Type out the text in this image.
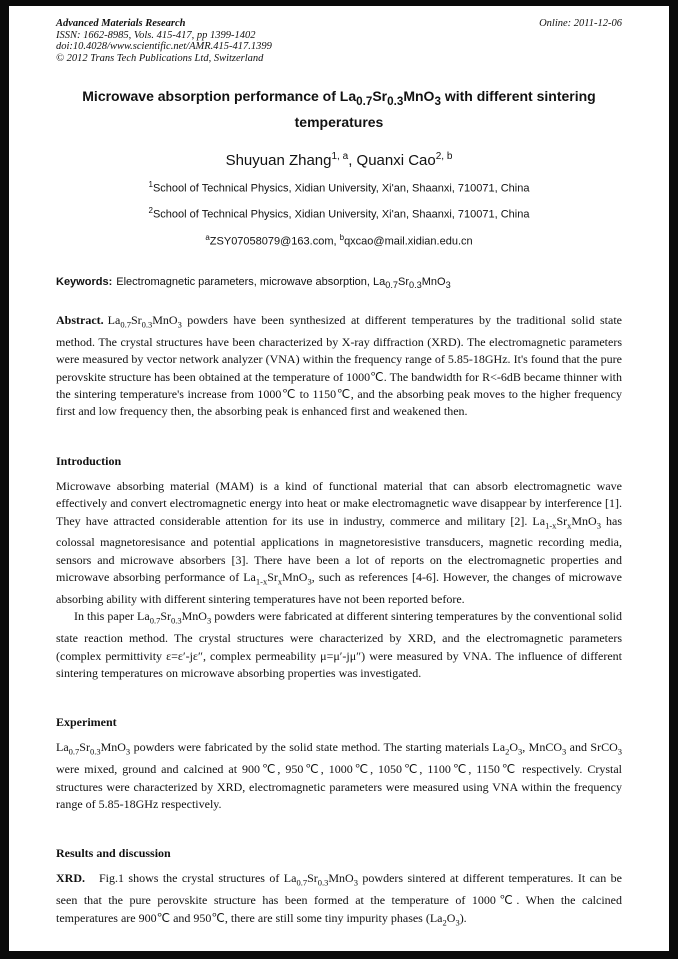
Advanced Materials Research
ISSN: 1662-8985, Vols. 415-417, pp 1399-1402
doi:10.4028/www.scientific.net/AMR.415-417.1399
© 2012 Trans Tech Publications Ltd, Switzerland
Online: 2011-12-06
Microwave absorption performance of $La_{0.7}Sr_{0.3}MnO_3$ with different sintering temperatures
Shuyuan Zhang$^{1, a}$, Quanxi Cao$^{2, b}$
$^1$School of Technical Physics, Xidian University, Xi'an, Shaanxi, 710071, China
$^2$School of Technical Physics, Xidian University, Xi'an, Shaanxi, 710071, China
$^a$ZSY07058079@163.com, $^b$qxcao@mail.xidian.edu.cn
Keywords: Electromagnetic parameters, microwave absorption, $La_{0.7}Sr_{0.3}MnO_3$

Abstract. $La_{0.7}Sr_{0.3}MnO_3$ powders have been synthesized at different temperatures by the traditional solid state method. The crystal structures have been characterized by X-ray diffraction (XRD). The electromagnetic parameters were measured by vector network analyzer (VNA) within the frequency range of 5.85-18GHz. It's found that the pure perovskite structure has been obtained at the temperature of 1000℃. The bandwidth for R<-6dB became thinner with the sintering temperature's increase from 1000℃ to 1150℃, and the absorbing peak moves to the higher frequency first and low frequency then, the absorbing peak is enhanced first and weakened then.

Introduction

Microwave absorbing material (MAM) is a kind of functional material that can absorb electromagnetic wave effectively and convert electromagnetic energy into heat or make electromagnetic wave disappear by interference [1]. They have attracted considerable attention for its use in industry, commerce and military [2]. $La_{1-x}Sr_xMnO_3$ has colossal magnetoresisance and potential applications in magnetoresistive transducers, magnetic recording media, sensors and microwave absorbers [3]. There have been a lot of reports on the electromagnetic properties and microwave absorbing performance of $La_{1-x}Sr_xMnO_3$, such as references [4-6]. However, the changes of microwave absorbing ability with different sintering temperatures have not been reported before.

In this paper $La_{0.7}Sr_{0.3}MnO_3$ powders were fabricated at different sintering temperatures by the conventional solid state reaction method. The crystal structures were characterized by XRD, and the electromagnetic parameters (complex permittivity ε=ε′-jε″, complex permeability μ=μ′-jμ″) were measured by VNA. The influence of different sintering temperatures on microwave absorbing properties was investigated.

Experiment

$La_{0.7}Sr_{0.3}MnO_3$ powders were fabricated by the solid state method. The starting materials $La_2O_3$, MnCO$_3$ and SrCO$_3$ were mixed, ground and calcined at 900℃, 950℃, 1000℃, 1050℃, 1100℃, 1150℃ respectively. Crystal structures were characterized by XRD, electromagnetic parameters were measured using VNA within the frequency range of 5.85-18GHz respectively.

Results and discussion

XRD. Fig.1 shows the crystal structures of $La_{0.7}Sr_{0.3}MnO_3$ powders sintered at different temperatures. It can be seen that the pure perovskite structure has been formed at the temperature of 1000℃. When the calcined temperatures are 900℃ and 950℃, there are still some tiny impurity phases $(La_2O_3)$.
